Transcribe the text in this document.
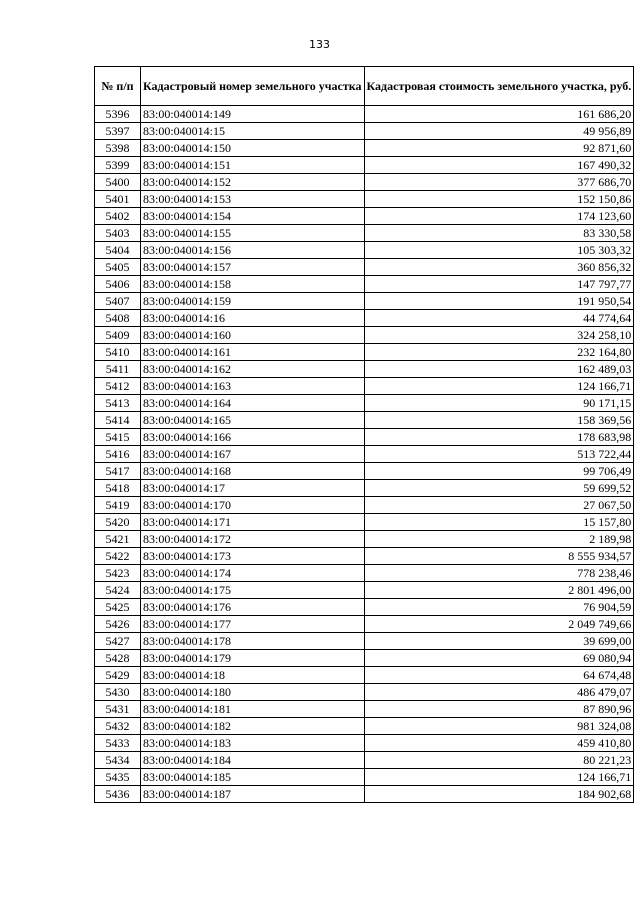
133
№ п/п	Кадастровый номер земельного участка	Кадастровая стоимость земельного участка, руб.
5396	83:00:040014:149	161 686,20
5397	83:00:040014:15	49 956,89
5398	83:00:040014:150	92 871,60
5399	83:00:040014:151	167 490,32
5400	83:00:040014:152	377 686,70
5401	83:00:040014:153	152 150,86
5402	83:00:040014:154	174 123,60
5403	83:00:040014:155	83 330,58
5404	83:00:040014:156	105 303,32
5405	83:00:040014:157	360 856,32
5406	83:00:040014:158	147 797,77
5407	83:00:040014:159	191 950,54
5408	83:00:040014:16	44 774,64
5409	83:00:040014:160	324 258,10
5410	83:00:040014:161	232 164,80
5411	83:00:040014:162	162 489,03
5412	83:00:040014:163	124 166,71
5413	83:00:040014:164	90 171,15
5414	83:00:040014:165	158 369,56
5415	83:00:040014:166	178 683,98
5416	83:00:040014:167	513 722,44
5417	83:00:040014:168	99 706,49
5418	83:00:040014:17	59 699,52
5419	83:00:040014:170	27 067,50
5420	83:00:040014:171	15 157,80
5421	83:00:040014:172	2 189,98
5422	83:00:040014:173	8 555 934,57
5423	83:00:040014:174	778 238,46
5424	83:00:040014:175	2 801 496,00
5425	83:00:040014:176	76 904,59
5426	83:00:040014:177	2 049 749,66
5427	83:00:040014:178	39 699,00
5428	83:00:040014:179	69 080,94
5429	83:00:040014:18	64 674,48
5430	83:00:040014:180	486 479,07
5431	83:00:040014:181	87 890,96
5432	83:00:040014:182	981 324,08
5433	83:00:040014:183	459 410,80
5434	83:00:040014:184	80 221,23
5435	83:00:040014:185	124 166,71
5436	83:00:040014:187	184 902,68
